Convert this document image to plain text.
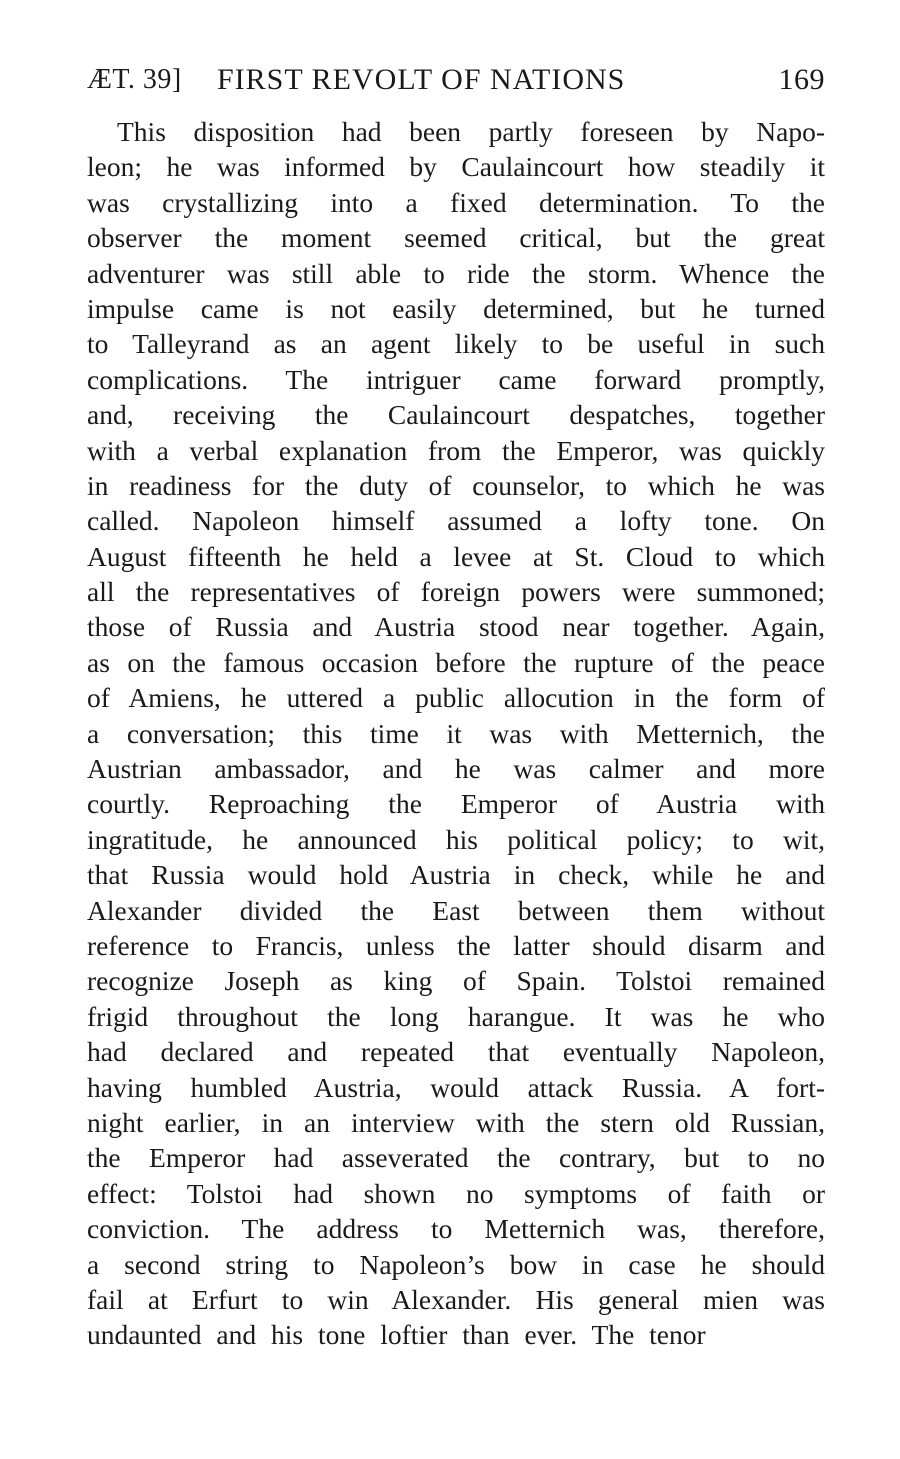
ÆT. 39] FIRST REVOLT OF NATIONS	169
This disposition had been partly foreseen by Napo-
leon; he was informed by Caulaincourt how steadily it
was crystallizing into a fixed determination. To the
observer the moment seemed critical, but the great
adventurer was still able to ride the storm. Whence the
impulse came is not easily determined, but he turned
to Talleyrand as an agent likely to be useful in such
complications. The intriguer came forward promptly,
and, receiving the Caulaincourt despatches, together
with a verbal explanation from the Emperor, was quickly
in readiness for the duty of counselor, to which he was
called. Napoleon himself assumed a lofty tone. On
August fifteenth he held a levee at St. Cloud to which
all the representatives of foreign powers were summoned;
those of Russia and Austria stood near together. Again,
as on the famous occasion before the rupture of the peace
of Amiens, he uttered a public allocution in the form of
a conversation; this time it was with Metternich, the
Austrian ambassador, and he was calmer and more
courtly. Reproaching the Emperor of Austria with
ingratitude, he announced his political policy; to wit,
that Russia would hold Austria in check, while he and
Alexander divided the East between them without
reference to Francis, unless the latter should disarm and
recognize Joseph as king of Spain. Tolstoi remained
frigid throughout the long harangue. It was he who
had declared and repeated that eventually Napoleon,
having humbled Austria, would attack Russia. A fort-
night earlier, in an interview with the stern old Russian,
the Emperor had asseverated the contrary, but to no
effect: Tolstoi had shown no symptoms of faith or
conviction. The address to Metternich was, therefore,
a second string to Napoleon’s bow in case he should
fail at Erfurt to win Alexander. His general mien was
undaunted and his tone loftier than ever. The tenor
